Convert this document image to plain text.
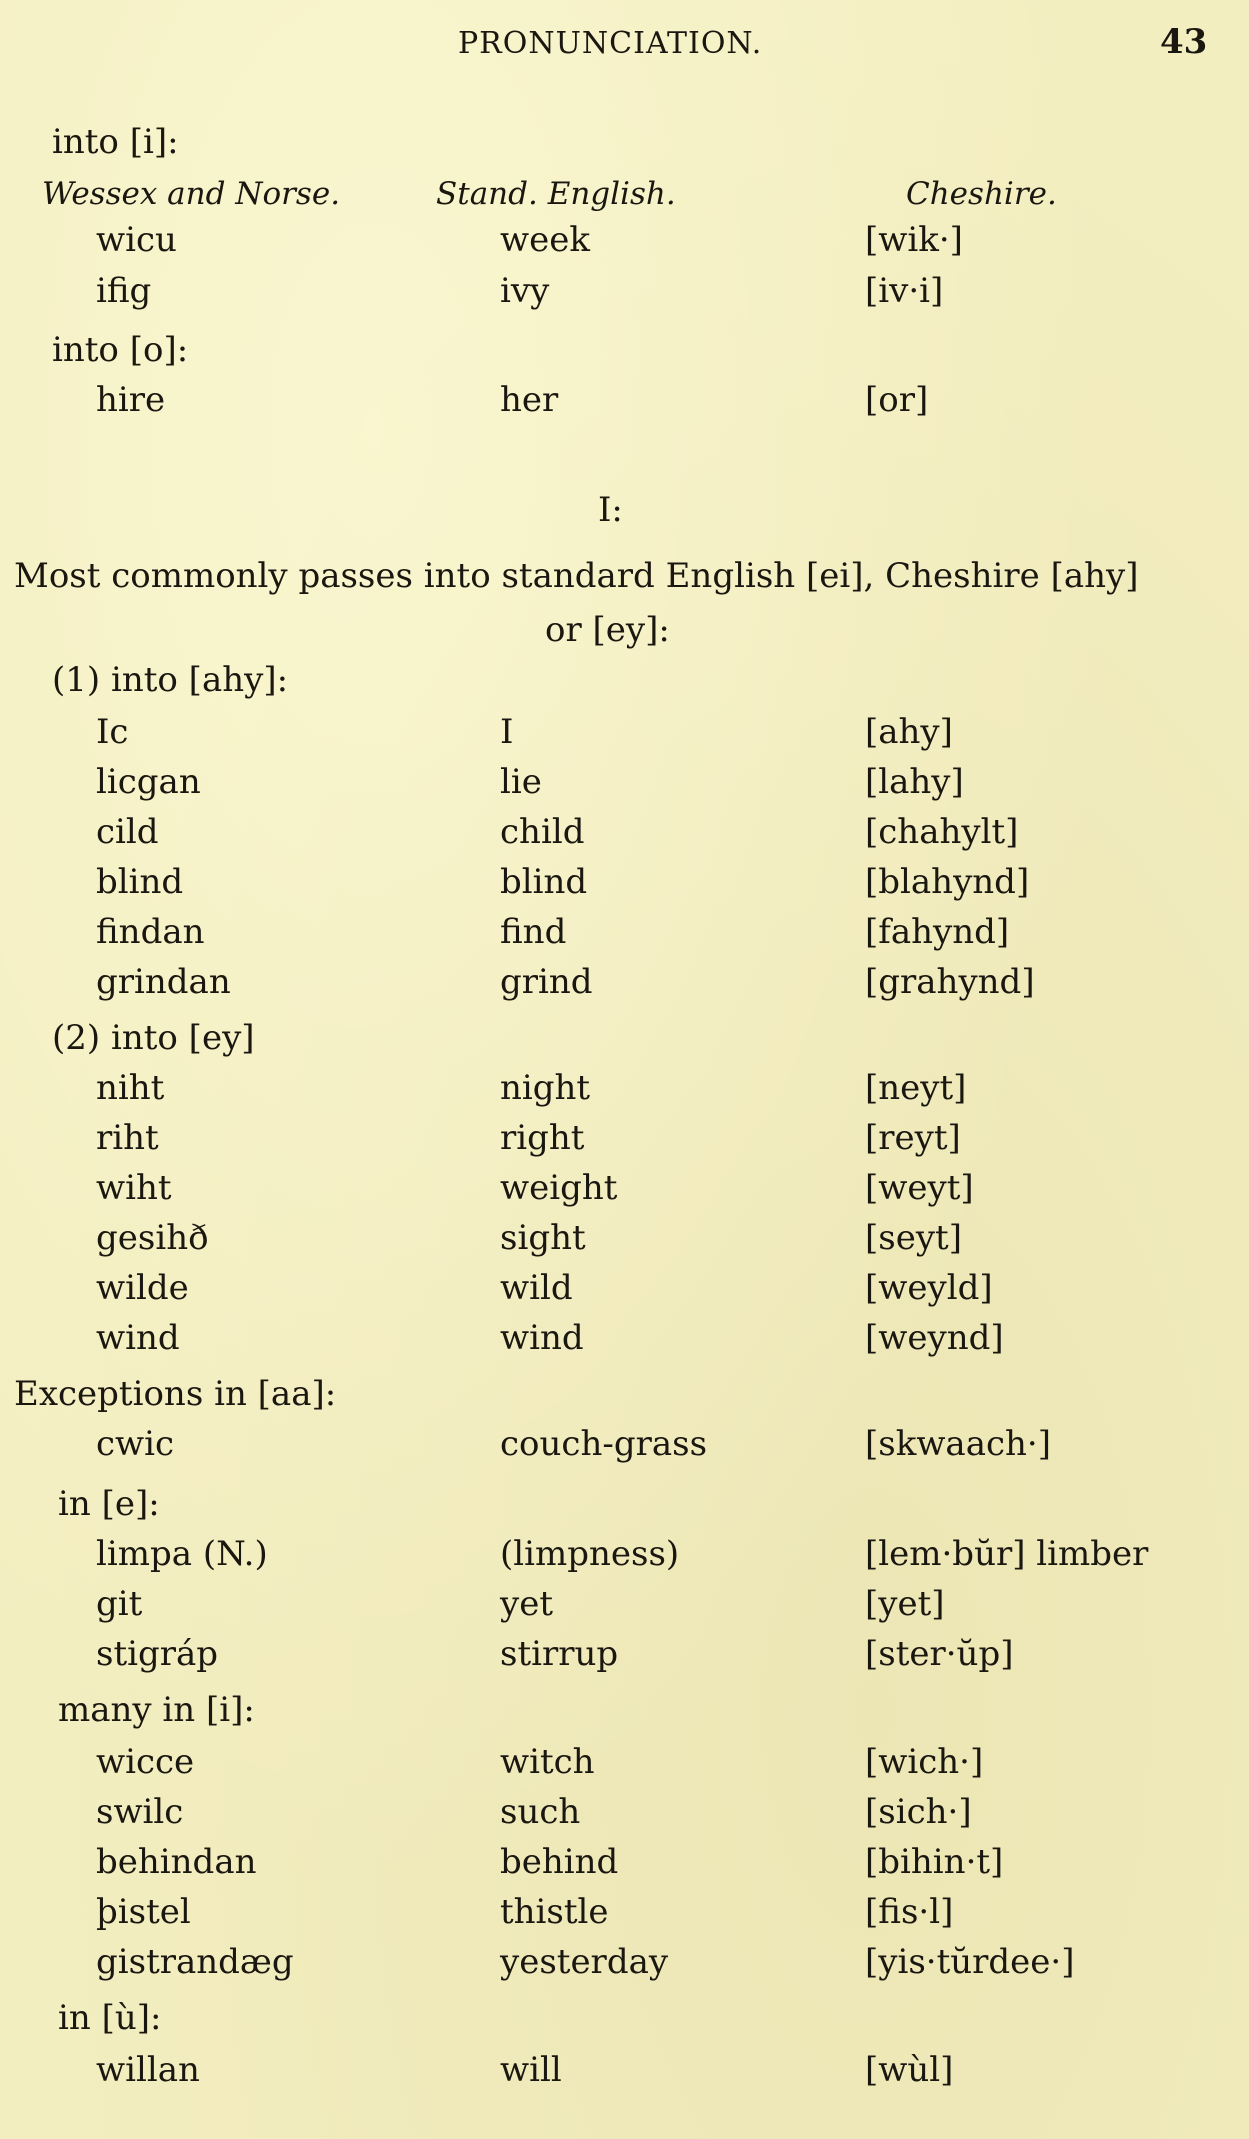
PRONUNCIATION.	43
into [i]:
Wessex and Norse.	Stand. English.	Cheshire.
wicu	week	[wik·]
ifig	ivy	[iv·i]
into [o]:
hire	her	[or]
I:
Most commonly passes into standard English [ei], Cheshire [ahy]
or [ey]:
(1) into [ahy]:
Ic	I	[ahy]
licgan	lie	[lahy]
cild	child	[chahylt]
blind	blind	[blahynd]
findan	find	[fahynd]
grindan	grind	[grahynd]
(2) into [ey]
niht	night	[neyt]
riht	right	[reyt]
wiht	weight	[weyt]
gesihð	sight	[seyt]
wilde	wild	[weyld]
wind	wind	[weynd]
Exceptions in [aa]:
cwic	couch-grass	[skwaach·]
in [e]:
limpa (N.)	(limpness)	[lem·bŭr] limber
git	yet	[yet]
stigráp	stirrup	[ster·ŭp]
many in [i]:
wicce	witch	[wich·]
swilc	such	[sich·]
behindan	behind	[bihin·t]
þistel	thistle	[fis·l]
gistrandæg	yesterday	[yis·tŭrdee·]
in [ù]:
willan	will	[wùl]
